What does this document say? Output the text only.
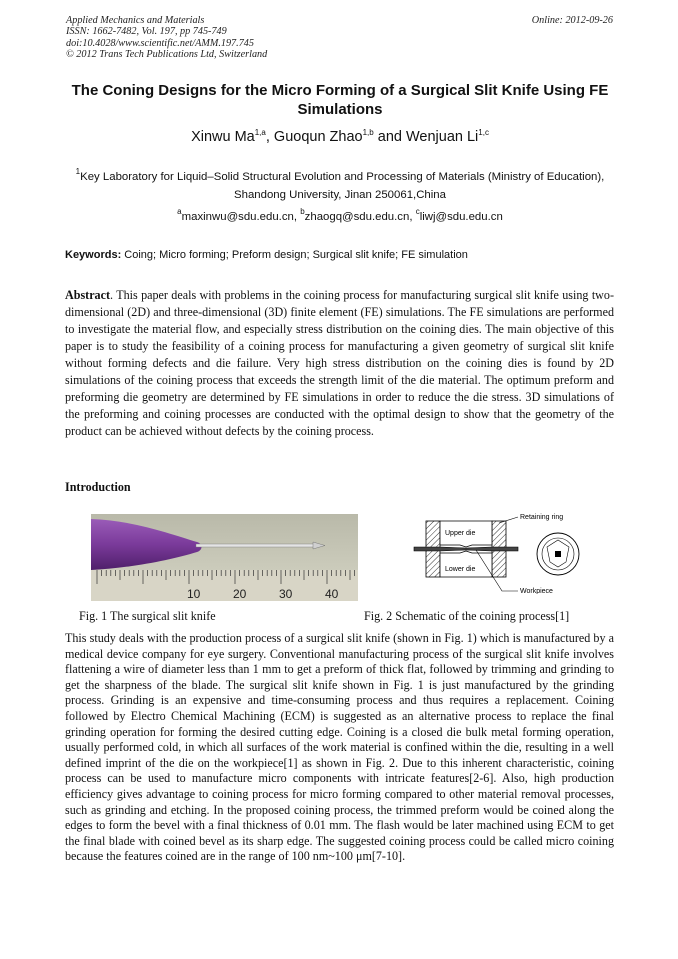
Applied Mechanics and Materials
ISSN: 1662-7482, Vol. 197, pp 745-749
doi:10.4028/www.scientific.net/AMM.197.745
© 2012 Trans Tech Publications Ltd, Switzerland
Online: 2012-09-26
The Coning Designs for the Micro Forming of a Surgical Slit Knife Using FE Simulations
Xinwu Ma$^{1,a}$, Guoqun Zhao$^{1,b}$ and Wenjuan Li$^{1,c}$
$^1$Key Laboratory for Liquid–Solid Structural Evolution and Processing of Materials (Ministry of Education), Shandong University, Jinan 250061,China
$^a$maxinwu@sdu.edu.cn, $^b$zhaogq@sdu.edu.cn, $^c$liwj@sdu.edu.cn
Keywords: Coing; Micro forming; Preform design; Surgical slit knife; FE simulation
Abstract. This paper deals with problems in the coining process for manufacturing surgical slit knife using two-dimensional (2D) and three-dimensional (3D) finite element (FE) simulations. The FE simulations are performed to investigate the material flow, and especially stress distribution on the coining dies. The main objective of this paper is to study the feasibility of a coining process for manufacturing a given geometry of surgical slit knife without forming defects and die failure. Very high stress distribution on the coining dies is found by 2D simulations of the coining process that exceeds the strength limit of the die material. The optimum preform and preforming die geometry are determined by FE simulations in order to reduce the die stress. 3D simulations of the preforming and coining processes are conducted with the optimal design to show that the geometry of the product can be achieved without defects by the coining process.
Introduction
10	20	30	40
Upper die
Lower die
Retaining ring
Workpiece
Fig. 1 The surgical slit knife	Fig. 2 Schematic of the coining process[1]
This study deals with the production process of a surgical slit knife (shown in Fig. 1) which is manufactured by a medical device company for eye surgery. Conventional manufacturing process of the surgical slit knife involves flattening a wire of diameter less than 1 mm to get a preform of thick flat, followed by trimming and grinding to get the sharpness of the blade. The surgical slit knife shown in Fig. 1 is just manufactured by the grinding process. Grinding is an expensive and time-consuming process and thus requires a replacement. Coining followed by Electro Chemical Machining (ECM) is suggested as an alternative process to replace the final grinding operation for forming the desired cutting edge. Coining is a closed die bulk metal forming operation, usually performed cold, in which all surfaces of the work material is confined within the die, resulting in a well defined imprint of the die on the workpiece[1] as shown in Fig. 2. Due to this inherent characteristic, coining process can be used to manufacture micro components with intricate features[2-6]. Also, high production efficiency gives advantage to coining process for micro forming compared to other material removal processes, such as grinding and etching. In the proposed coining process, the trimmed preform would be coined along the edges to form the bevel with a final thickness of 0.01 mm. The flash would be later machined using ECM to get the final blade with coined bevel as its sharp edge. The suggested coining process could be called micro coining because the features coined are in the range of 100 nm~100 μm[7-10].
